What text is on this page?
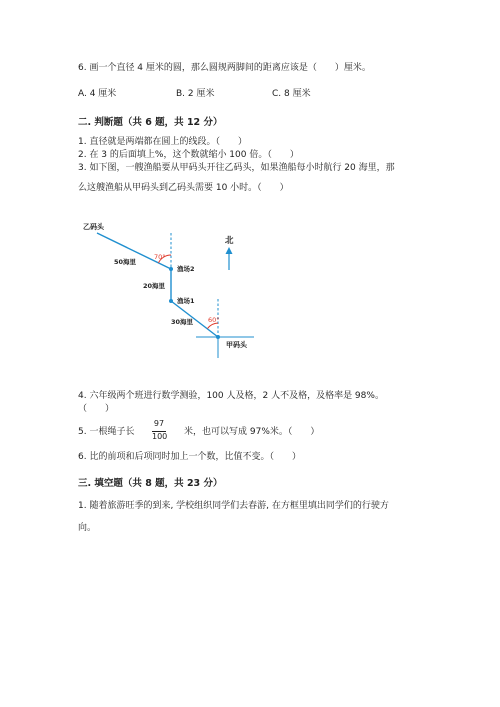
6. 画一个直径 4 厘米的圆，那么圆规两脚间的距离应该是（　　）厘米。
A. 4 厘米	B. 2 厘米	C. 8 厘米
二. 判断题（共 6 题，共 12 分）
1. 直径就是两端都在圆上的线段。（　　）
2. 在 3 的后面填上%，这个数就缩小 100 倍。（　　）
3. 如下图，一艘渔船要从甲码头开往乙码头，如果渔船每小时航行 20 海里，那
么这艘渔船从甲码头到乙码头需要 10 小时。（　　）
乙码头
50海里
70°
渔场2
20海里
渔场1
30海里 60°
甲码头
北
4. 六年级两个班进行数学测验，100 人及格，2 人不及格，及格率是 98%。
（　　）
5. 一根绳子长
97
100 米，也可以写成 97%米。（　　）
6. 比的前项和后项同时加上一个数，比值不变。（　　）
三. 填空题（共 8 题，共 23 分）
1. 随着旅游旺季的到来, 学校组织同学们去春游, 在方框里填出同学们的行驶方
向。
